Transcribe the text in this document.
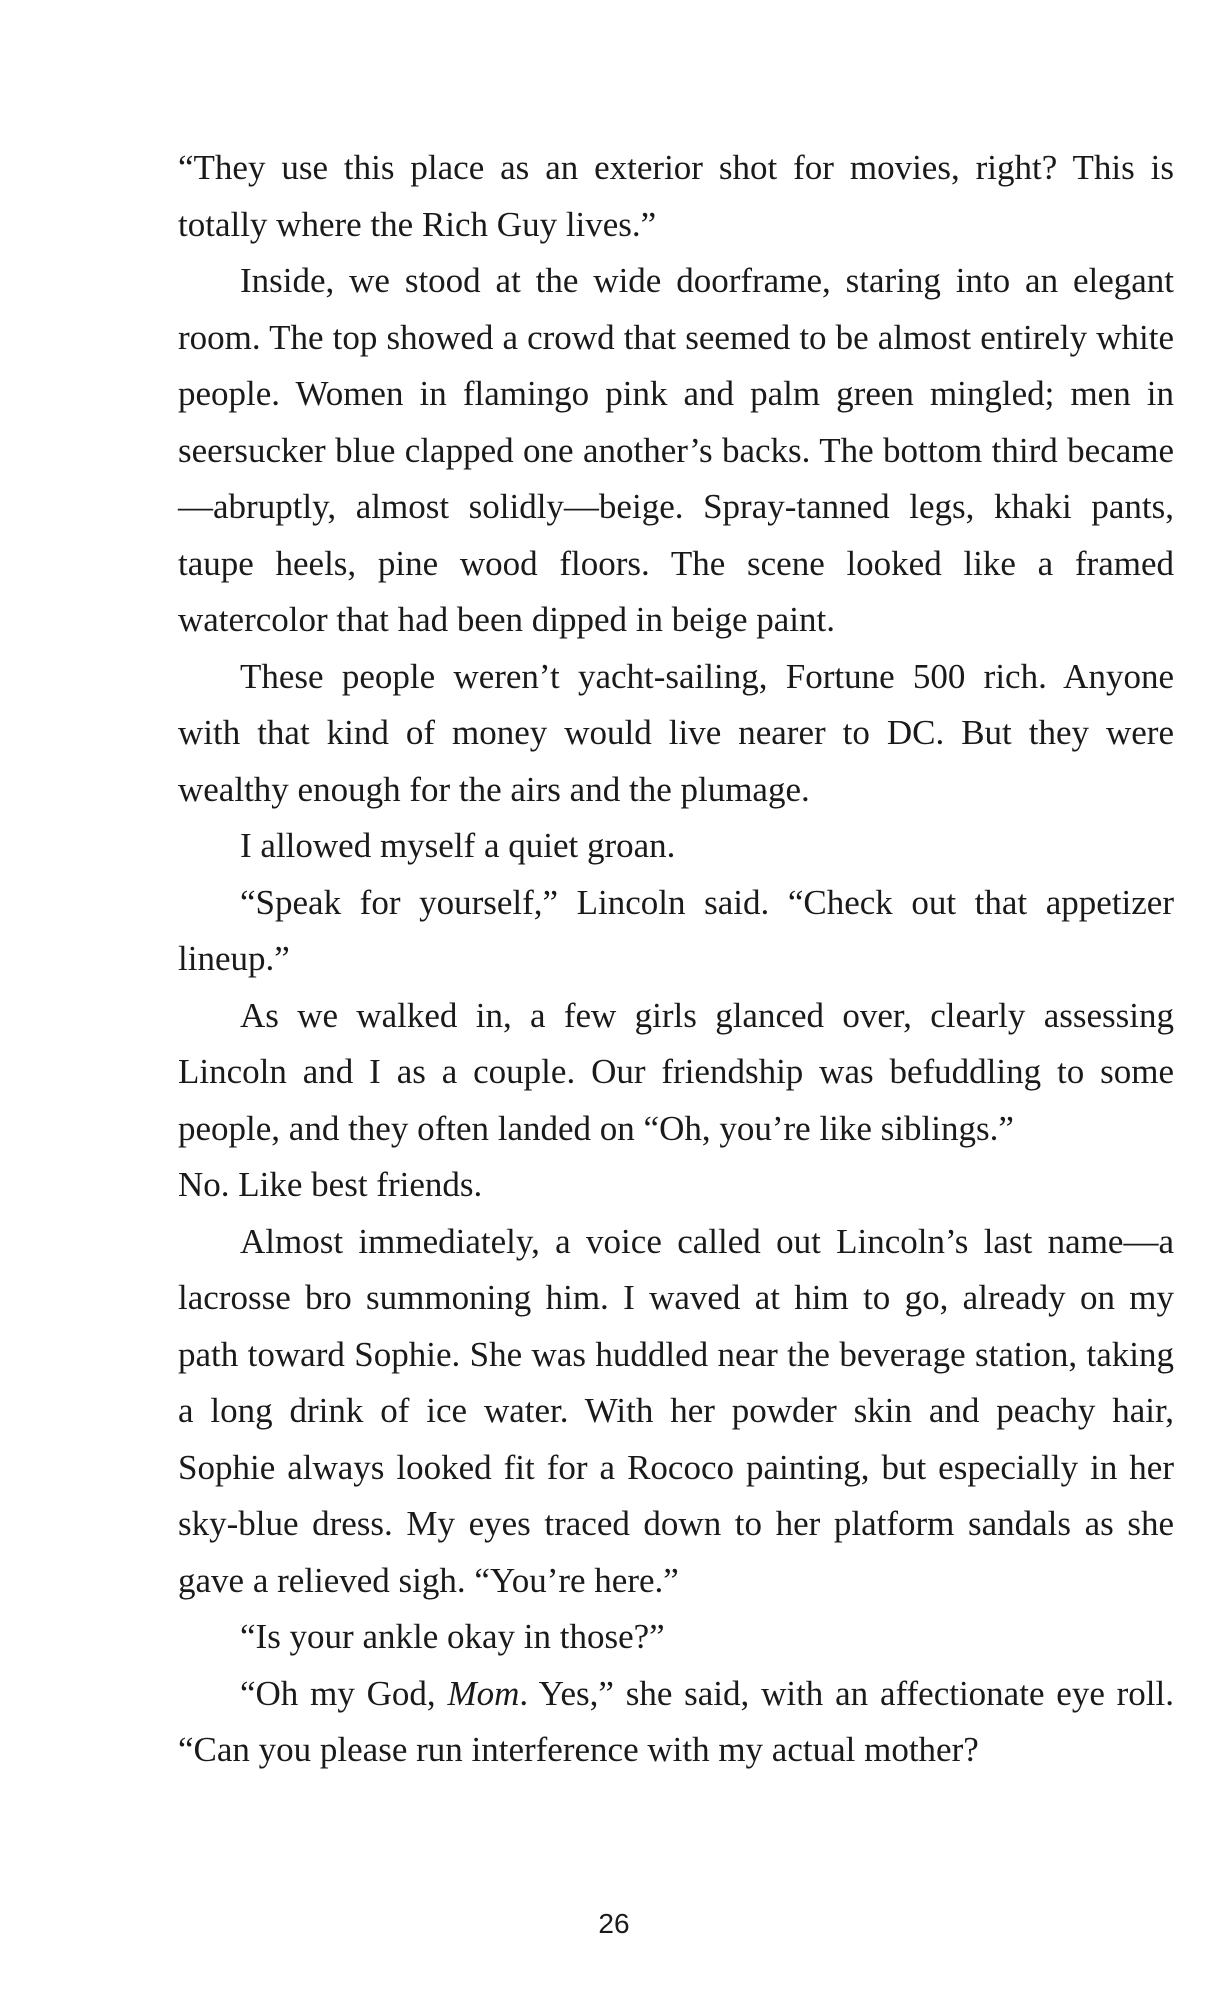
“They use this place as an exterior shot for movies, right? This is totally where the Rich Guy lives.”

Inside, we stood at the wide doorframe, staring into an elegant room. The top showed a crowd that seemed to be almost entirely white people. Women in flamingo pink and palm green mingled; men in seersucker blue clapped one another’s backs. The bottom third became—abruptly, almost solidly—beige. Spray-tanned legs, khaki pants, taupe heels, pine wood floors. The scene looked like a framed watercolor that had been dipped in beige paint.

These people weren’t yacht-sailing, Fortune 500 rich. Anyone with that kind of money would live nearer to DC. But they were wealthy enough for the airs and the plumage.

I allowed myself a quiet groan.

“Speak for yourself,” Lincoln said. “Check out that appetizer lineup.”

As we walked in, a few girls glanced over, clearly assessing Lincoln and I as a couple. Our friendship was befuddling to some people, and they often landed on “Oh, you’re like siblings.”

No. Like best friends.

Almost immediately, a voice called out Lincoln’s last name—a lacrosse bro summoning him. I waved at him to go, already on my path toward Sophie. She was huddled near the beverage station, taking a long drink of ice water. With her powder skin and peachy hair, Sophie always looked fit for a Rococo painting, but especially in her sky-blue dress. My eyes traced down to her platform sandals as she gave a relieved sigh. “You’re here.”

“Is your ankle okay in those?”

“Oh my God, Mom. Yes,” she said, with an affectionate eye roll. “Can you please run interference with my actual mother?

26
